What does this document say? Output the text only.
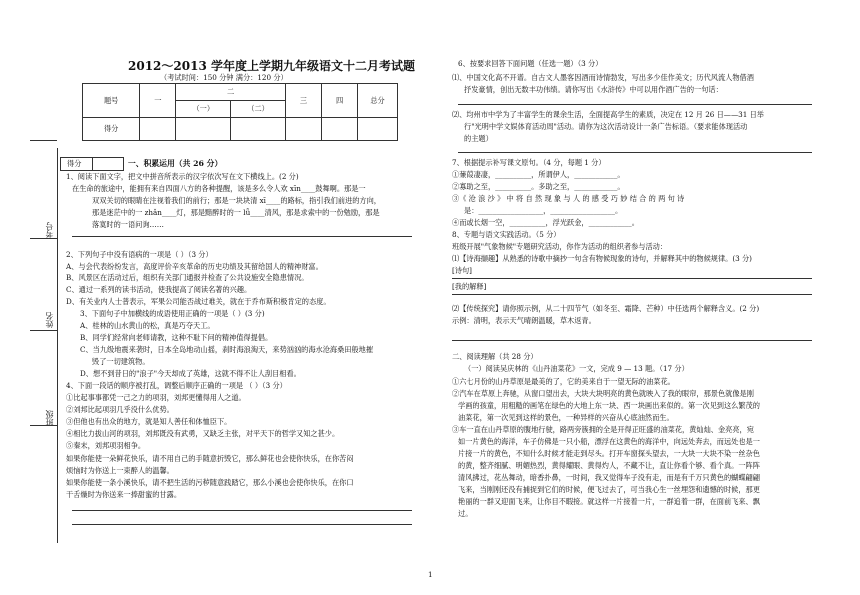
2012～2013 学年度上学期九年级语文十二月考试题
（考试时间：150 分钟 满分：120 分）
题号	一	二		三	四	总分
		（一）	（二）			
得分						
考号
姓名
班级
得分	一、积累运用（共 26 分）
1、阅读下面文字，把文中拼音所表示的汉字依次写在文下横线上。(2 分)
在生命的旅途中，能拥有来自四面八方的各种提醒，该是多么令人欢 xīn____鼓舞啊。那是一
双双关切的眼睛在注视着我们的前行；那是一块块清 xī____的路标，指引我们前进的方向，
那是迷茫中的一 zhǎn____灯，那是黯醉时的一 lǚ____清风，那是求索中的一份勉励，那是
落寞时的一语问询……
2、下列句子中没有语病的一项是（ ）（3 分）
A、与会代表纷纷发言，高度评价辛亥革命的历史功绩及其留给国人的精神财富。
B、风景区在活动过后，组织有关部门通报并检查了公共设施安全隐患情况。
C、通过一系列的读书活动，使我提高了阅读名著的兴趣。
D、有关业内人士普表示，军果公司能否战过难关，就在于乔布斯积极肯定的态度。
3、下面句子中加横线的成语使用正确的一项是（ ）(3 分)
A、桂林的山水黄山的松，真是巧夺天工。
B、同学们经常向老师请教，这种不耻下问的精神值得提倡。
C、当九级地震来袭时，日本全岛地动山摇，刹时海浪淘天，来势汹汹的海水沧海桑田般地摧
毁了一切建筑物。
D、想不到昔日的"浪子"今天却成了英雄，这就不得不让人刮目相看。
4、下面一段话的顺序被打乱，调整后顺序正确的一项是 （ ）（3 分）
①比起事事都凭一己之力的项羽，刘邦更懂得用人之道。
②刘邦比起项羽几乎没什么优势。
③但他也有出众的地方，就是知人善任和体恤臣下。
④相比力拔山河的项羽，刘邦既没有武勇，又缺乏主张，对平天下的哲学又知之甚少。
⑤秦末，刘邦项羽相争。
如果你能使一朵鲜花快乐，请不用自己的手随意折毁它，那么鲜花也会使你快乐，在你苦闷
烦恼时为你送上一束醉人的温馨。
如果你能使一条小溪快乐，请不把生活的污秽随意践踏它，那么小溪也会使你快乐，在你口
干舌燥时为你送来一捧甜蜜的甘露。
6、按要求回答下面问题（任选一题）（3 分）
⑴、中国文化高不开谱。自古文人墨客因酒而诗情勃发，写出多少佳作美文；历代风流人物借酒
抒发豪情，创出无数丰功伟绩。请你写出《水浒传》中可以用作酒广告的一句话：
⑵、均州市中学为了丰富学生的课余生活，全面提高学生的素质，决定在 12 月 26 日——31 日举
行"光明中学文娱体育活动周"活动。请你为这次活动设计一条广告标语。（要求能体现活动
的主题）
7、根据提示补写课文原句。（4 分，每题 1 分）
①蒹葭凄凄，__________，所谓伊人，____________。
②寡助之至，__________。多助之至，____________。
③《 沧 浪 沙 》 中 将 自 然 现 象 与 人 的 感 受 巧 妙 结 合 的 两 句 诗
是：__________________，__________________。
④而或长烟一空，__________，浮光跃金，____________。
8、专题与语文实践活动。（5 分）
班级开展"气象物候"专题研究活动，你作为活动的组织者参与活动：
⑴【诗海撷趣】从熟悉的诗歌中摘抄一句含有物候现象的诗句，并解释其中的物候规律。(3 分)
[诗句]
[我的解释]
⑵【传统探究】请你照示例，从二十四节气（如冬至、霜降、芒种）中任选两个解释含义。(2 分)
示例：清明，表示天气晴朗温暖，草木返青。
二、阅读理解（共 28 分）
（一）阅读吴庆林的《山丹油菜花》一文，完成 9 — 13 题。（17 分）
①六七月份的山丹草原是最美的了，它的美来自于一望无际的油菜花。
②汽车在草原上奔驰，从窗口望出去，大块大块明亮的黄色就映入了我的眼帘，那景色就像是刚
学画的孩童，用粗糙的画笔在绿色的大地上东一块、西一块画出来似的。第一次见到这么繁茂的
油菜花，第一次见到这样的景色，一种异样的兴奋从心底油然而生。
③车一直在山丹草原的腹地行驶，路两旁簇拥的全是开得正旺盛的油菜花，黄灿灿、金亮亮，宛
如一片黄色的海洋，车子仿佛是一只小船，漂浮在这黄色的海洋中，向远处奔去，而远处也是一
片接一片的黄色，不知什么时候才能走到尽头。打开车窗探头望去，一大块一大块不染一丝杂色
的黄，整齐细腻、明媚热烈，黄得耀眼、黄得灼人，不藏不让，直让你看个够、看个真。一阵阵
清风拂过，花丛舞动，暗香扑鼻，一时间，我又觉得车子没有走，而是有千万只黄色的蝴蝶翩翩
飞来，当刚刚还没有捕捉到它们的时候，便飞过去了，可当我心生一丝埋怨和遗憾的时候，那更
艳丽的一群又迎面飞来，让你目不暇接。就这样一片接着一片，一群追着一群，在面前飞来、飘
过。
1
